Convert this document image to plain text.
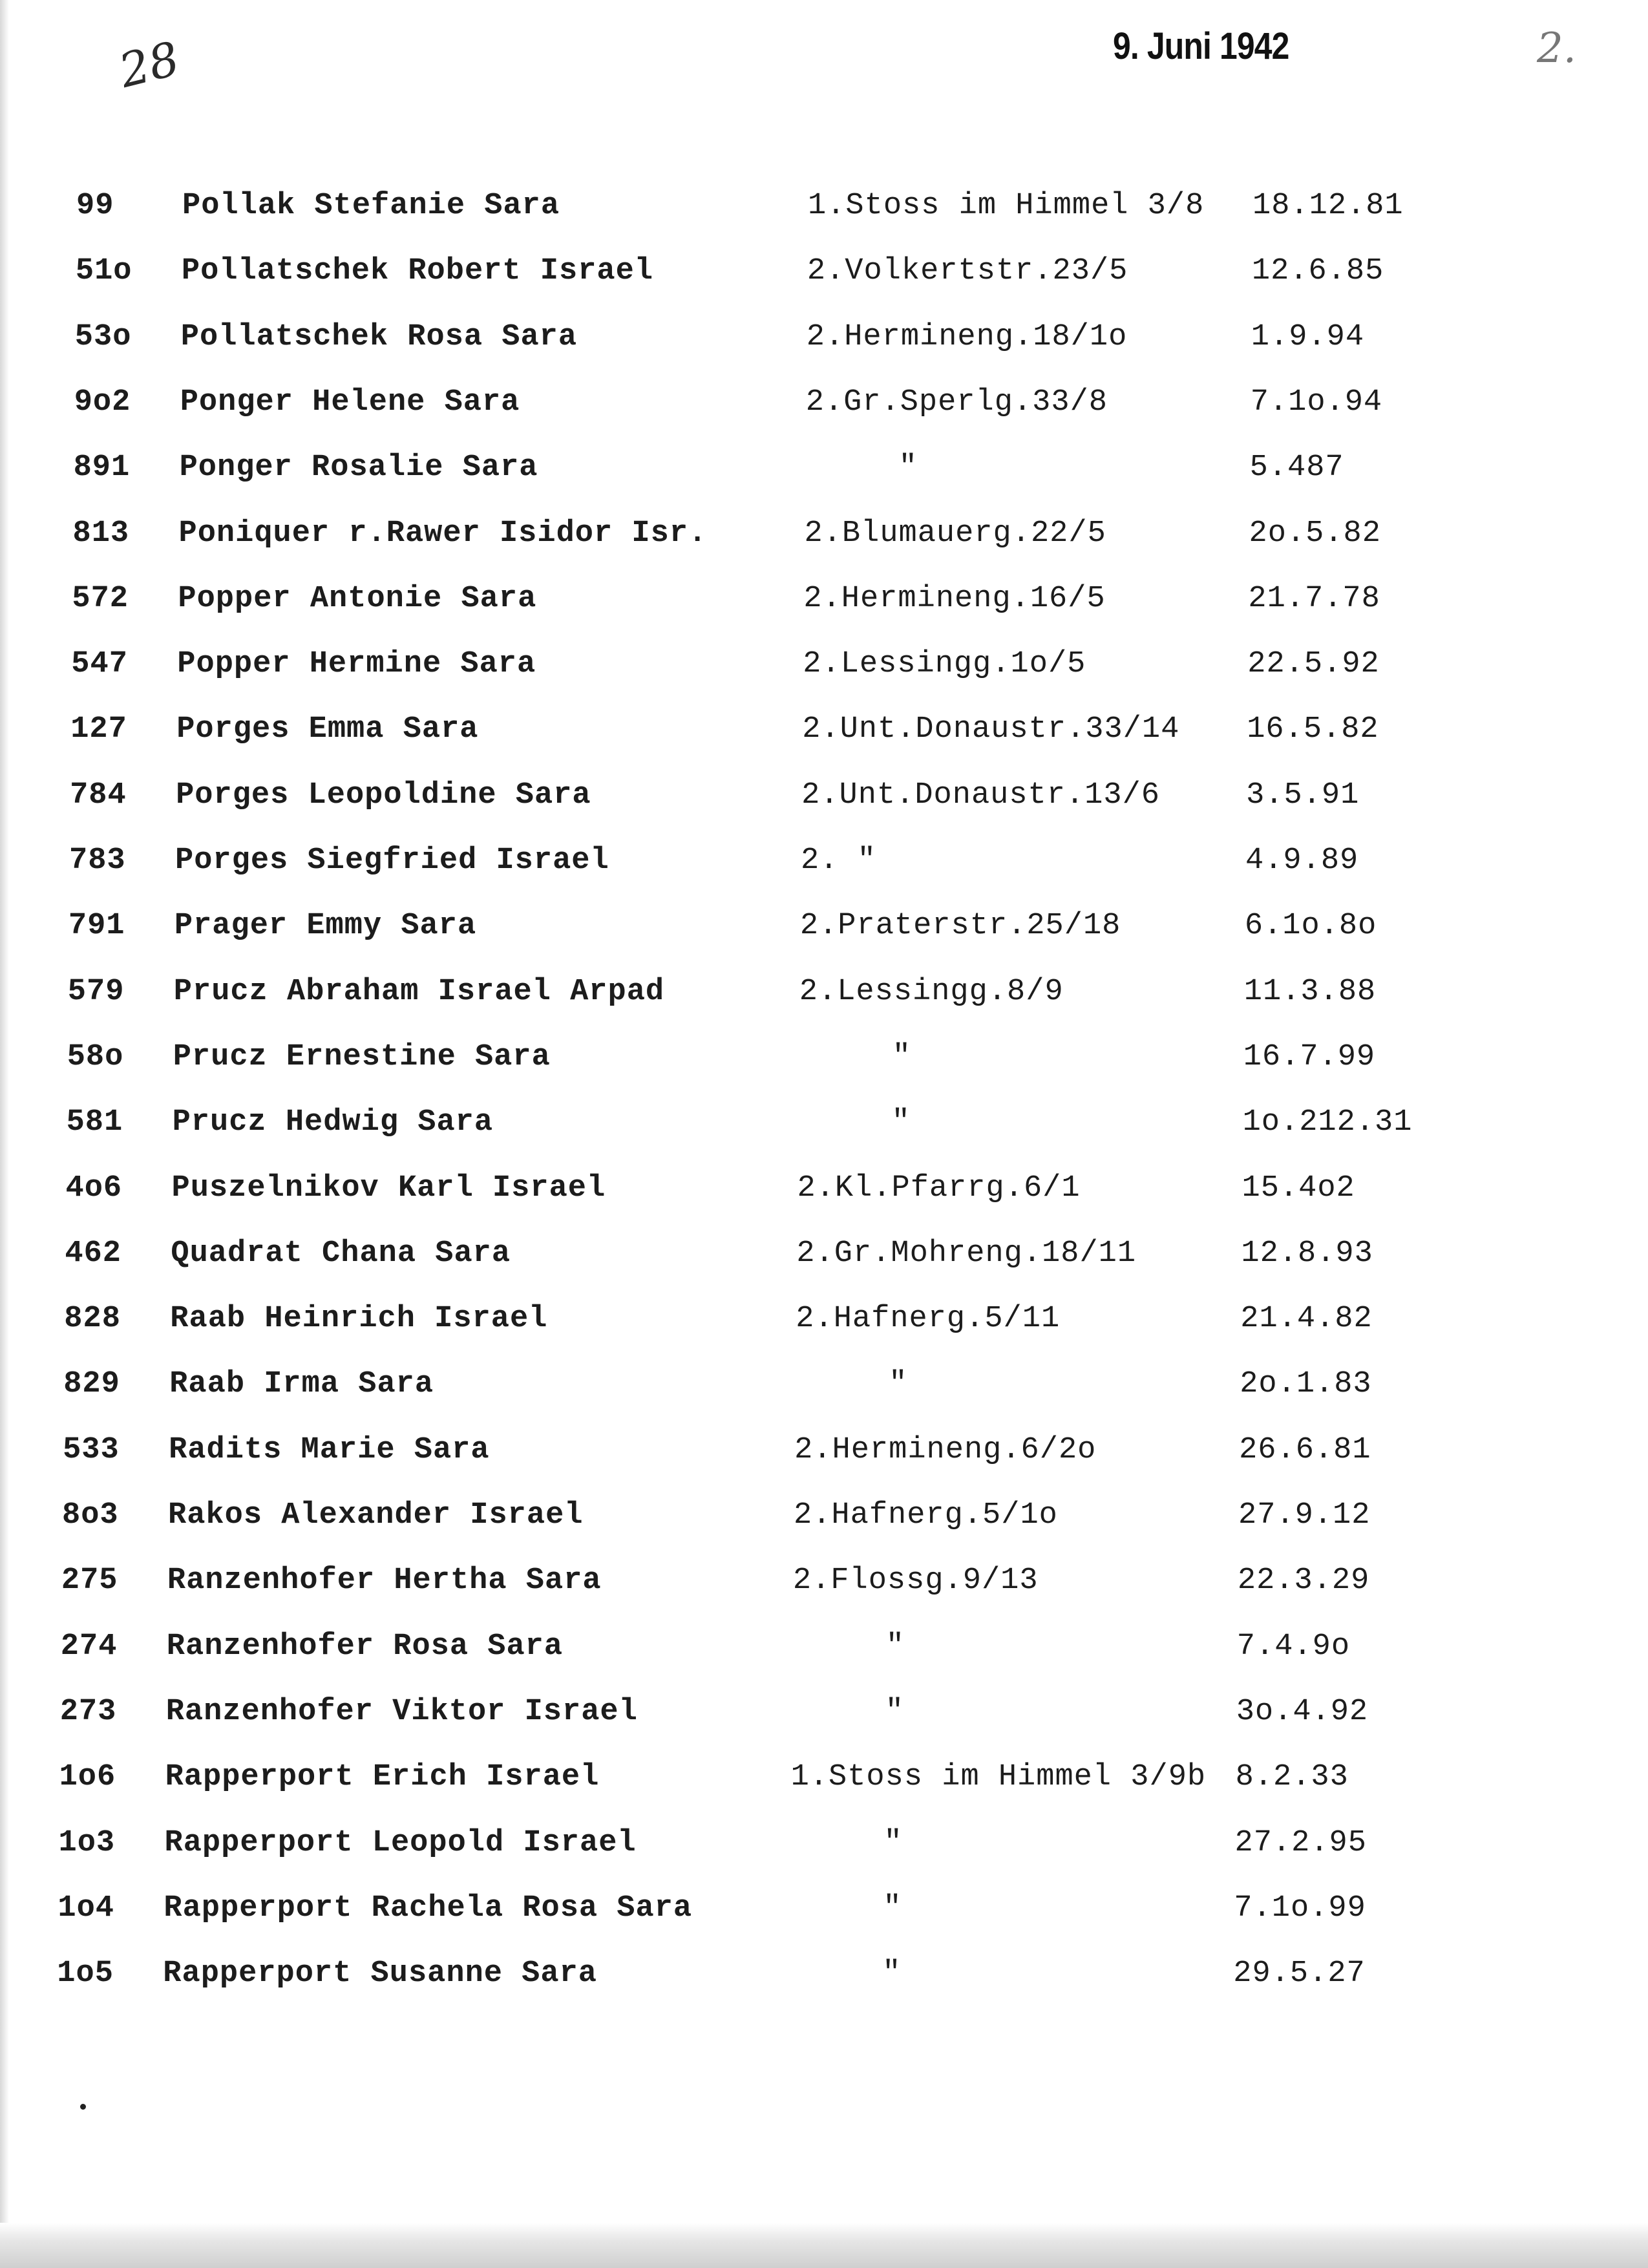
28	9. Juni 1942	2.
99 Pollak Stefanie Sara	1.Stoss im Himmel 3/8 18.12.81
51o Pollatschek Robert Israel	2.Volkertstr.23/5	12.6.85
53o Pollatschek Rosa Sara	2.Hermineng.18/1o	1.9.94
9o2 Ponger Helene Sara	2.Gr.Sperlg.33/8	7.1o.94
891 Ponger Rosalie Sara	"	5.487
813 Poniquer r.Rawer Isidor Isr.	2.Blumauerg.22/5	2o.5.82
572 Popper Antonie Sara	2.Hermineng.16/5	21.7.78
547 Popper Hermine Sara	2.Lessingg.1o/5	22.5.92
127 Porges Emma Sara	2.Unt.Donaustr.33/14 16.5.82
784 Porges Leopoldine Sara	2.Unt.Donaustr.13/6	3.5.91
783 Porges Siegfried Israel	2. "	4.9.89
791 Prager Emmy Sara	2.Praterstr.25/18	6.1o.8o
579 Prucz Abraham Israel Arpad	2.Lessingg.8/9	11.3.88
58o Prucz Ernestine Sara	"	16.7.99
581 Prucz Hedwig Sara	"	1o.212.31
4o6 Puszelnikov Karl Israel	2.Kl.Pfarrg.6/1	15.4o2
462 Quadrat Chana Sara	2.Gr.Mohreng.18/11	12.8.93
828 Raab Heinrich Israel	2.Hafnerg.5/11	21.4.82
829 Raab Irma Sara	"	2o.1.83
533 Radits Marie Sara	2.Hermineng.6/2o	26.6.81
8o3 Rakos Alexander Israel	2.Hafnerg.5/1o	27.9.12
275 Ranzenhofer Hertha Sara	2.Flossg.9/13	22.3.29
274 Ranzenhofer Rosa Sara	"	7.4.9o
273 Ranzenhofer Viktor Israel	"	3o.4.92
1o6 Rapperport Erich Israel	1.Stoss im Himmel 3/9b 8.2.33
1o3 Rapperport Leopold Israel	"	27.2.95
1o4 Rapperport Rachela Rosa Sara	"	7.1o.99
1o5 Rapperport Susanne Sara	"	29.5.27
